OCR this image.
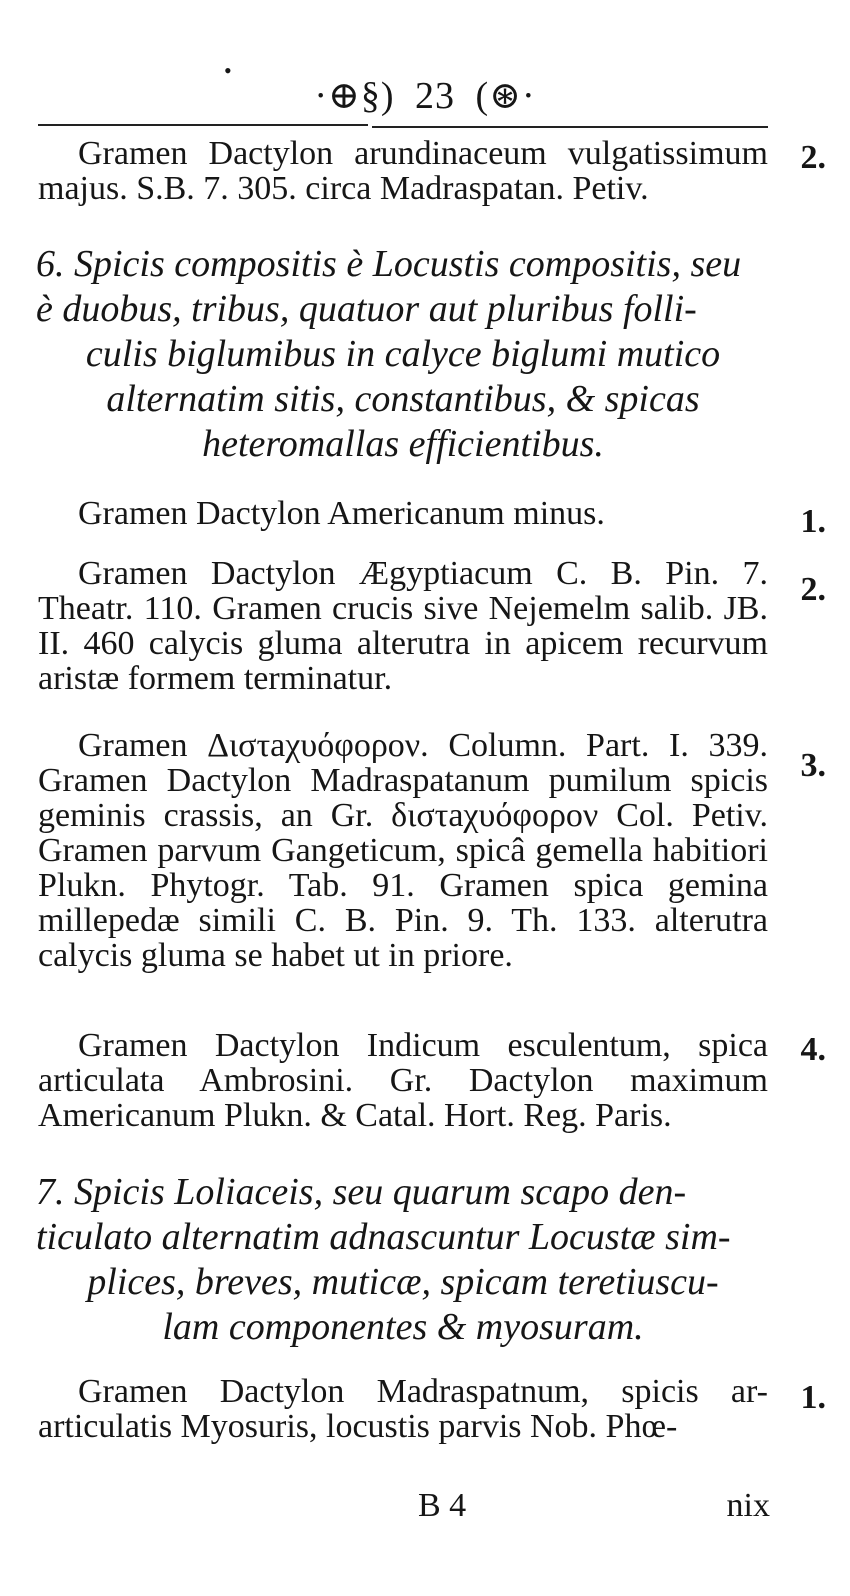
•
·⊕§) 23 (⊛·
Gramen Dactylon arundinaceum vulgatissimum majus. S.B. 7. 305. circa Madraspatan. Petiv.
2.
6. Spicis compositis è Locustis compositis, seu
è duobus, tribus, quatuor aut pluribus folli-
culis biglumibus in calyce biglumi mutico
alternatim sitis, constantibus, & spicas
heteromallas efficientibus.
Gramen Dactylon Americanum minus.	1.
Gramen Dactylon Ægyptiacum C. B. Pin. 7. Theatr. 110. Gramen crucis sive Nejemelm salib. JB. II. 460 calycis gluma alterutra in apicem recurvum aristæ formem terminatur.
2.
Gramen Διστaχυόφορον. Column. Part. I. 339. Gramen Dactylon Madraspatanum pumilum spicis geminis crassis, an Gr. διστaχυόφορον Col. Petiv. Gramen parvum Gangeticum, spicâ gemella habitiori Plukn. Phytogr. Tab. 91. Gramen spica gemina millepedæ simili C. B. Pin. 9. Th. 133. alterutra calycis gluma se habet ut in priore.
3.
Gramen Dactylon Indicum esculentum, spica articulata Ambrosini. Gr. Dactylon maximum Americanum Plukn. & Catal. Hort. Reg. Paris.
4.
7. Spicis Loliaceis, seu quarum scapo den-
ticulato alternatim adnascuntur Locustæ sim-
plices, breves, muticæ, spicam teretiuscu-
lam componentes & myosuram.
Gramen Dactylon Madraspatnum, spicis ar- articulatis Myosuris, locustis parvis Nob. Phœ-
1.
B 4	nix
